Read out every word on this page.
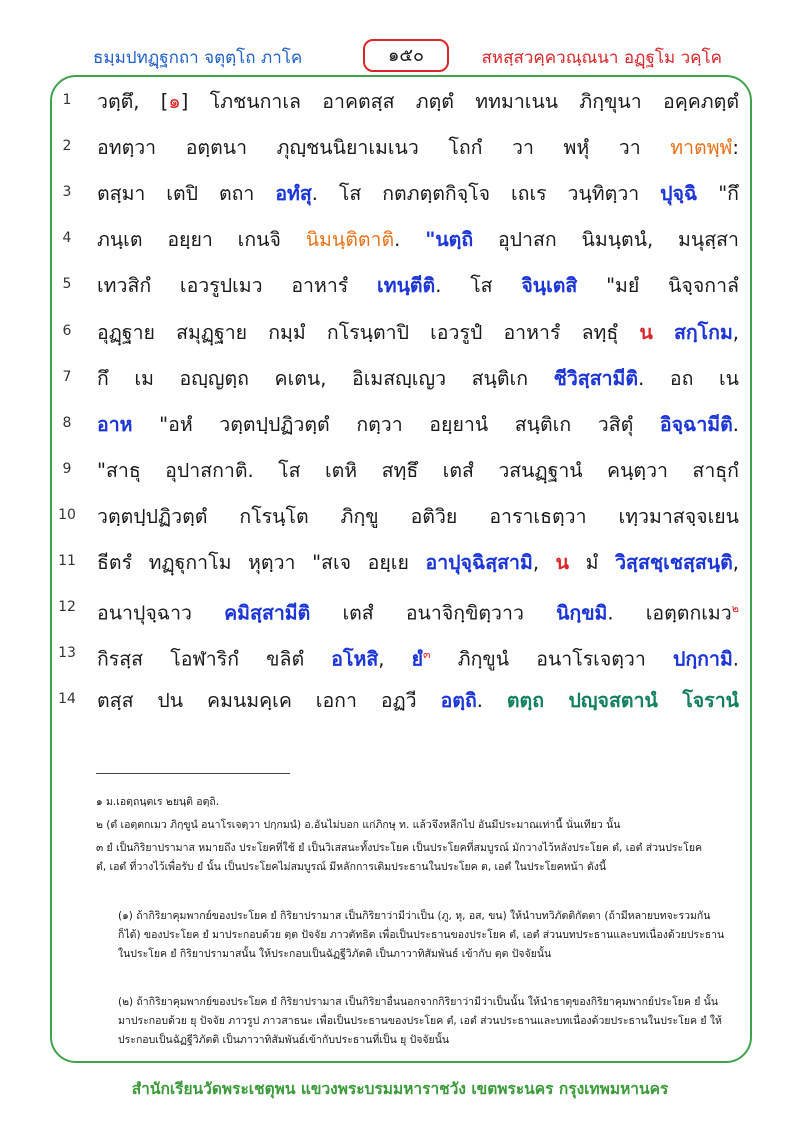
ธมฺมปทฏฺฐกถา จตุตฺโถ ภาโค	๑๕๐	สหสฺสวคฺควณฺณนา อฏฺฐโม วคฺโค
1	วตฺตึ, [๑] โภชนกาเล อาคตสฺส ภตฺตํ ททมาเนน ภิกฺขุนา อคฺคภตฺตํ
2	อทตฺวา อตฺตนา ภุญฺชนนิยาเมเนว โถกํ วา พหุํ วา ทาตพฺพํ:
3	ตสฺมา เตปิ ตถา อทํสุ. โส กตภตฺตกิจฺโจ เถเร วนฺทิตฺวา ปุจฺฉิ "กึ
4	ภนฺเต อยฺยา เกนจิ นิมนฺติตาติ. "นตฺถิ อุปาสก นิมนฺตนํ, มนุสฺสา
5	เทวสิกํ เอวรูปเมว อาหารํ เทนฺตีติ. โส จินฺเตสิ "มยํ นิจฺจกาลํ
6	อุฏฺฐาย สมุฏฺฐาย กมฺมํ กโรนฺตาปิ เอวรูปํ อาหารํ ลทฺธุํ น สกฺโกม,
7	กึ เม อญฺญตฺถ คเตน, อิเมสญฺเญว สนฺติเก ชีวิสฺสามีติ. อถ เน
8	อาห "อหํ วตฺตปฺปฏิวตฺตํ กตฺวา อยฺยานํ สนฺติเก วสิตุํ อิจฺฉามีติ.
9	"สาธุ อุปาสกาติ. โส เตหิ สทฺธึ เตสํ วสนฏฺฐานํ คนฺตฺวา สาธุกํ
10	วตฺตปฺปฏิวตฺตํ กโรนฺโต ภิกฺขู อติวิย อาราเธตฺวา เทฺวมาสจฺจเยน
11	ธีตรํ ทฏฺฐุกาโม หุตฺวา "สเจ อยฺเย อาปุจฺฉิสฺสามิ, น มํ วิสฺสชฺเชสฺสนฺติ,
12	อนาปุจฺฉาว คมิสฺสามีติ เตสํ อนาจิกฺขิตฺวาว นิกฺขมิ. เอตฺตกเมว$^๒$
13	กิรสฺส โอฬาริกํ ขลิตํ อโหสิ, ยํ$^๓$ ภิกฺขูนํ อนาโรเจตฺวา ปกฺกามิ.
14	ตสฺส ปน คมนมคฺเค เอกา อฏวี อตฺถิ. ตตฺถ ปญฺจสตานํ โจรานํ
๑ ม.เอตฺถนฺตเร ๒ยนฺติ อตฺถิ.
๒ (ตํ เอตฺตกเมว ภิกฺขูนํ อนาโรเจตฺวา ปกฺกมนํ) อ.อันไม่บอก แก่ภิกษุ ท. แล้วจึงหลีกไป อันมีประมาณเท่านี้ นั่นเทียว นั้น
๓ ยํ เป็นกิริยาปรามาส หมายถึง ประโยคที่ใช้ ยํ เป็นวิเสสนะทั้งประโยค เป็นประโยคที่สมบูรณ์ มักวางไว้หลังประโยค ตํ, เอตํ ส่วนประโยค ตํ, เอตํ ที่วางไว้เพื่อรับ ยํ นั้น เป็นประโยคไม่สมบูรณ์ มีหลักการเติมประธานในประโยค ต, เอตํ ในประโยคหน้า ดังนี้
(๑) ถ้ากิริยาคุมพากย์ของประโยค ยํ กิริยาปรามาส เป็นกิริยาว่ามีว่าเป็น (ภู, หุ, อส, ขน) ให้นำบทวิภัตติกัตตา (ถ้ามีหลายบทจะรวมกันก็ได้) ของประโยค ยํ มาประกอบด้วย ตฺต ปัจจัย ภาวตัทธิต เพื่อเป็นประธานของประโยค ตํ, เอตํ ส่วนบทประธานและบทเนื่องด้วยประธานในประโยค ยํ กิริยาปรามาสนั้น ให้ประกอบเป็นฉัฏฐีวิภัตติ เป็นภาวาทิสัมพันธ์ เข้ากับ ตฺต ปัจจัยนั้น
(๒) ถ้ากิริยาคุมพากย์ของประโยค ยํ กิริยาปรามาส เป็นกิริยาอื่นนอกจากกิริยาว่ามีว่าเป็นนั้น ให้นำธาตุของกิริยาคุมพากย์ประโยค ยํ นั้น มาประกอบด้วย ยุ ปัจจัย ภาวรูป ภาวสาธนะ เพื่อเป็นประธานของประโยค ตํ, เอตํ ส่วนประธานและบทเนื่องด้วยประธานในประโยค ยํ ให้ประกอบเป็นฉัฏฐีวิภัตติ เป็นภาวาทิสัมพันธ์เข้ากับประธานที่เป็น ยุ ปัจจัยนั้น
สำนักเรียนวัดพระเชตุพน แขวงพระบรมมหาราชวัง เขตพระนคร กรุงเทพมหานคร
